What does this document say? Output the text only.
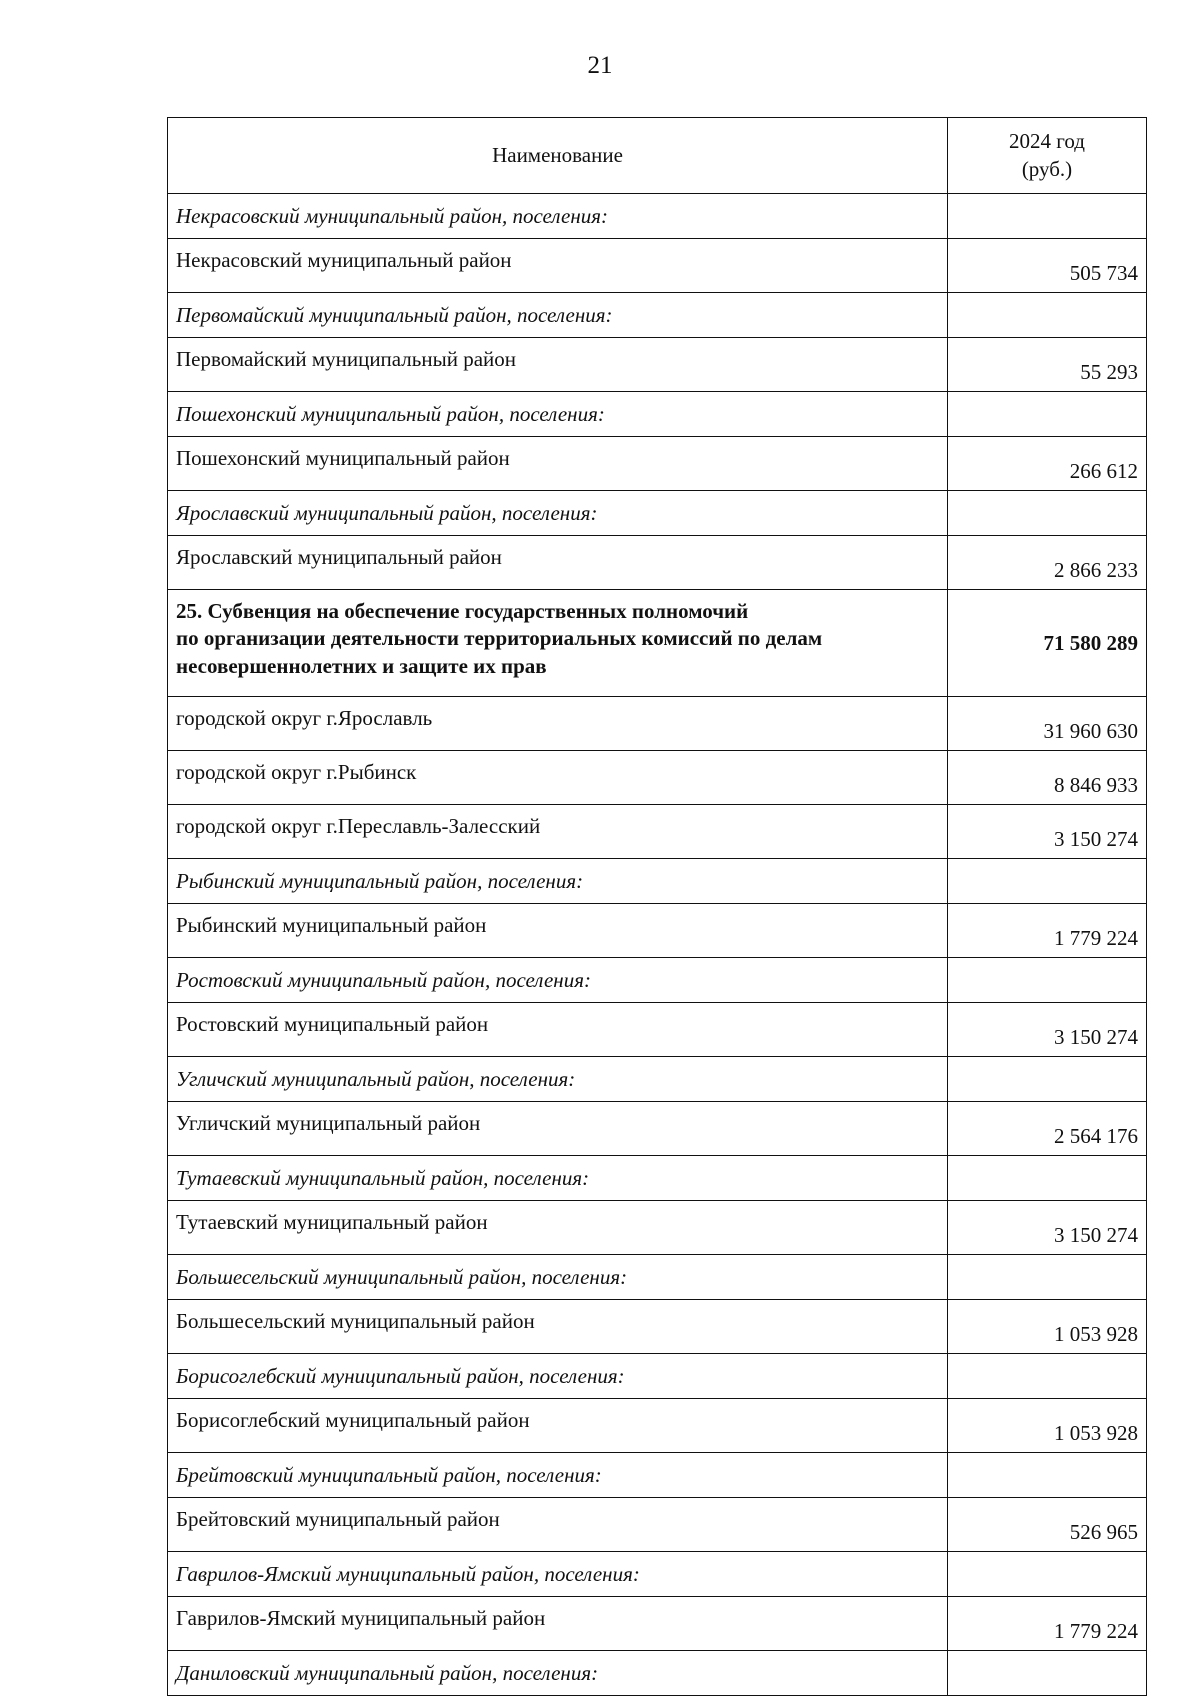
21
Наименование	2024 год
(руб.)
Некрасовский муниципальный район, поселения:	
Некрасовский муниципальный район	505 734
Первомайский муниципальный район, поселения:	
Первомайский муниципальный район	55 293
Пошехонский муниципальный район, поселения:	
Пошехонский муниципальный район	266 612
Ярославский муниципальный район, поселения:	
Ярославский муниципальный район	2 866 233
25. Субвенция на обеспечение государственных полномочий
по организации деятельности территориальных комиссий по делам
несовершеннолетних и защите их прав	71 580 289
городской округ г.Ярославль	31 960 630
городской округ г.Рыбинск	8 846 933
городской округ г.Переславль-Залесский	3 150 274
Рыбинский муниципальный район, поселения:	
Рыбинский муниципальный район	1 779 224
Ростовский муниципальный район, поселения:	
Ростовский муниципальный район	3 150 274
Угличский муниципальный район, поселения:	
Угличский муниципальный район	2 564 176
Тутаевский муниципальный район, поселения:	
Тутаевский муниципальный район	3 150 274
Большесельский муниципальный район, поселения:	
Большесельский муниципальный район	1 053 928
Борисоглебский муниципальный район, поселения:	
Борисоглебский муниципальный район	1 053 928
Брейтовский муниципальный район, поселения:	
Брейтовский муниципальный район	526 965
Гаврилов-Ямский муниципальный район, поселения:	
Гаврилов-Ямский муниципальный район	1 779 224
Даниловский муниципальный район, поселения:	
